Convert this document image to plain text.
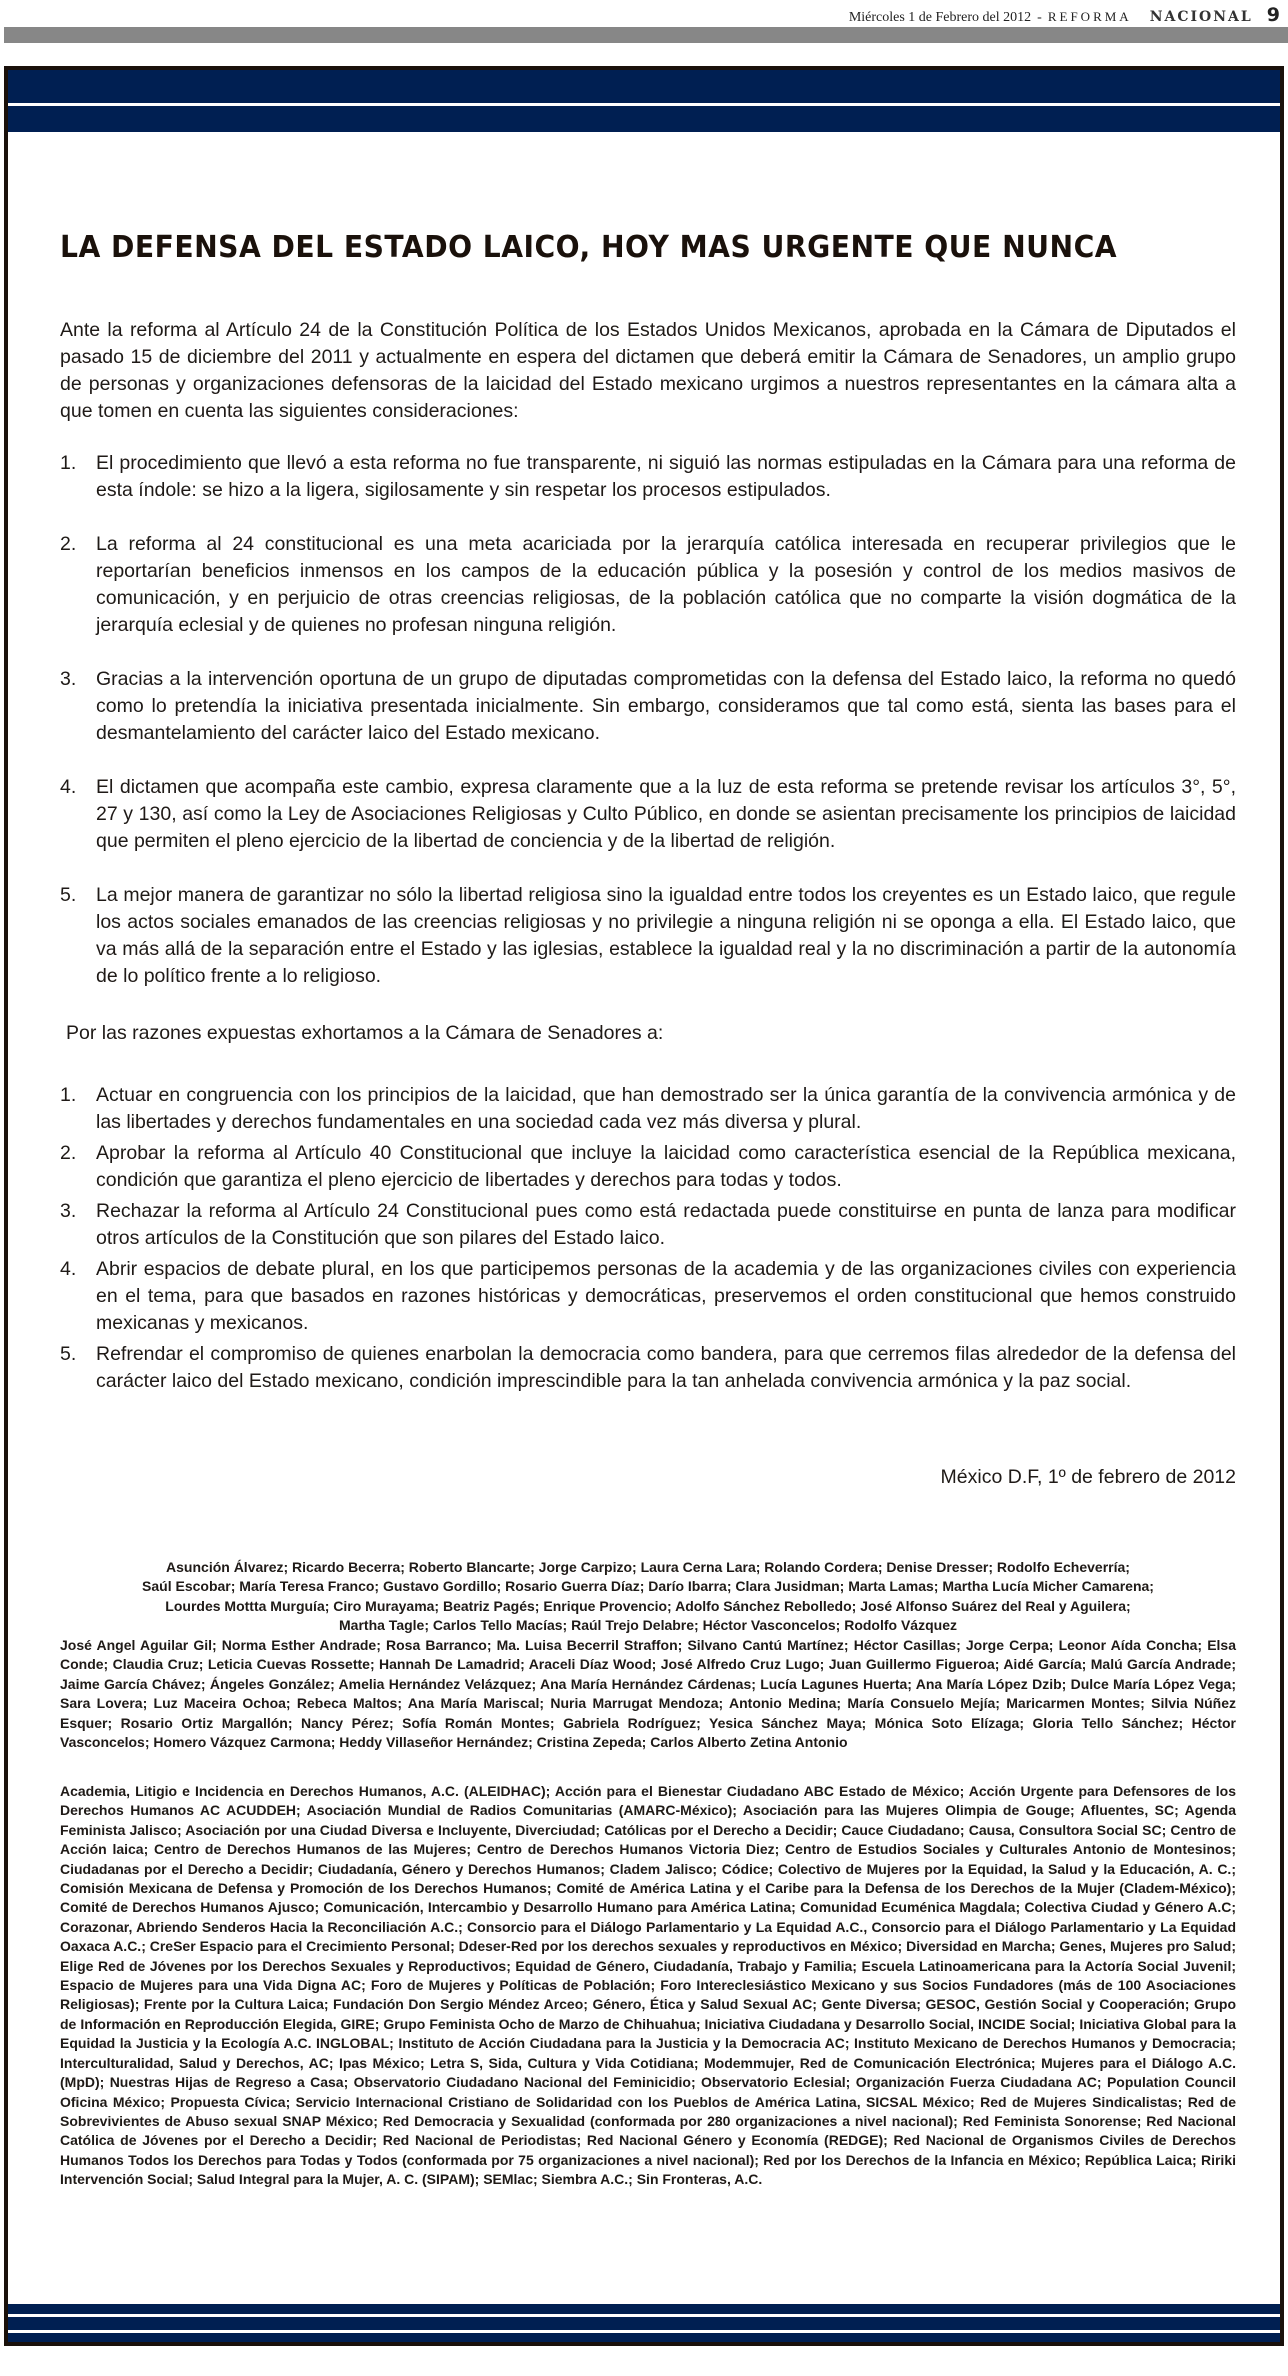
Miércoles 1 de Febrero del 2012 - REFORMA NACIONAL 9
LA DEFENSA DEL ESTADO LAICO, HOY MAS URGENTE QUE NUNCA

Ante la reforma al Artículo 24 de la Constitución Política de los Estados Unidos Mexicanos, aprobada en la Cámara de Diputados el pasado 15 de diciembre del 2011 y actualmente en espera del dictamen que deberá emitir la Cámara de Senadores, un amplio grupo de personas y organizaciones defensoras de la laicidad del Estado mexicano urgimos a nuestros representantes en la cámara alta a que tomen en cuenta las siguientes consideraciones:

1. El procedimiento que llevó a esta reforma no fue transparente, ni siguió las normas estipuladas en la Cámara para una reforma de esta índole: se hizo a la ligera, sigilosamente y sin respetar los procesos estipulados.
2. La reforma al 24 constitucional es una meta acariciada por la jerarquía católica interesada en recuperar privilegios que le reportarían beneficios inmensos en los campos de la educación pública y la posesión y control de los medios masivos de comunicación, y en perjuicio de otras creencias religiosas, de la población católica que no comparte la visión dogmática de la jerarquía eclesial y de quienes no profesan ninguna religión.
3. Gracias a la intervención oportuna de un grupo de diputadas comprometidas con la defensa del Estado laico, la reforma no quedó como lo pretendía la iniciativa presentada inicialmente. Sin embargo, consideramos que tal como está, sienta las bases para el desmantelamiento del carácter laico del Estado mexicano.
4. El dictamen que acompaña este cambio, expresa claramente que a la luz de esta reforma se pretende revisar los artículos 3°, 5°, 27 y 130, así como la Ley de Asociaciones Religiosas y Culto Público, en donde se asientan precisamente los principios de laicidad que permiten el pleno ejercicio de la libertad de conciencia y de la libertad de religión.
5. La mejor manera de garantizar no sólo la libertad religiosa sino la igualdad entre todos los creyentes es un Estado laico, que regule los actos sociales emanados de las creencias religiosas y no privilegie a ninguna religión ni se oponga a ella. El Estado laico, que va más allá de la separación entre el Estado y las iglesias, establece la igualdad real y la no discriminación a partir de la autonomía de lo político frente a lo religioso.

Por las razones expuestas exhortamos a la Cámara de Senadores a:

1. Actuar en congruencia con los principios de la laicidad, que han demostrado ser la única garantía de la convivencia armónica y de las libertades y derechos fundamentales en una sociedad cada vez más diversa y plural.
2. Aprobar la reforma al Artículo 40 Constitucional que incluye la laicidad como característica esencial de la República mexicana, condición que garantiza el pleno ejercicio de libertades y derechos para todas y todos.
3. Rechazar la reforma al Artículo 24 Constitucional pues como está redactada puede constituirse en punta de lanza para modificar otros artículos de la Constitución que son pilares del Estado laico.
4. Abrir espacios de debate plural, en los que participemos personas de la academia y de las organizaciones civiles con experiencia en el tema, para que basados en razones históricas y democráticas, preservemos el orden constitucional que hemos construido mexicanas y mexicanos.
5. Refrendar el compromiso de quienes enarbolan la democracia como bandera, para que cerremos filas alrededor de la defensa del carácter laico del Estado mexicano, condición imprescindible para la tan anhelada convivencia armónica y la paz social.

México D.F, 1º de febrero de 2012

Asunción Álvarez; Ricardo Becerra; Roberto Blancarte; Jorge Carpizo; Laura Cerna Lara; Rolando Cordera; Denise Dresser; Rodolfo Echeverría;
Saúl Escobar; María Teresa Franco; Gustavo Gordillo; Rosario Guerra Díaz; Darío Ibarra; Clara Jusidman; Marta Lamas; Martha Lucía Micher Camarena;
Lourdes Mottta Murguía; Ciro Murayama; Beatriz Pagés; Enrique Provencio; Adolfo Sánchez Rebolledo; José Alfonso Suárez del Real y Aguilera;
Martha Tagle; Carlos Tello Macías; Raúl Trejo Delabre; Héctor Vasconcelos; Rodolfo Vázquez

José Angel Aguilar Gil; Norma Esther Andrade; Rosa Barranco; Ma. Luisa Becerril Straffon; Silvano Cantú Martínez; Héctor Casillas; Jorge Cerpa; Leonor Aída Concha; Elsa Conde; Claudia Cruz; Leticia Cuevas Rossette; Hannah De Lamadrid; Araceli Díaz Wood; José Alfredo Cruz Lugo; Juan Guillermo Figueroa; Aidé García; Malú García Andrade; Jaime García Chávez; Ángeles González; Amelia Hernández Velázquez; Ana María Hernández Cárdenas; Lucía Lagunes Huerta; Ana María López Dzib; Dulce María López Vega; Sara Lovera; Luz Maceira Ochoa; Rebeca Maltos; Ana María Mariscal; Nuria Marrugat Mendoza; Antonio Medina; María Consuelo Mejía; Maricarmen Montes; Silvia Núñez Esquer; Rosario Ortiz Margallón; Nancy Pérez; Sofía Román Montes; Gabriela Rodríguez; Yesica Sánchez Maya; Mónica Soto Elízaga; Gloria Tello Sánchez; Héctor Vasconcelos; Homero Vázquez Carmona; Heddy Villaseñor Hernández; Cristina Zepeda; Carlos Alberto Zetina Antonio

Academia, Litigio e Incidencia en Derechos Humanos, A.C. (ALEIDHAC); Acción para el Bienestar Ciudadano ABC Estado de México; Acción Urgente para Defensores de los Derechos Humanos AC ACUDDEH; Asociación Mundial de Radios Comunitarias (AMARC-México); Asociación para las Mujeres Olimpia de Gouge; Afluentes, SC; Agenda Feminista Jalisco; Asociación por una Ciudad Diversa e Incluyente, Diverciudad; Católicas por el Derecho a Decidir; Cauce Ciudadano; Causa, Consultora Social SC; Centro de Acción laica; Centro de Derechos Humanos de las Mujeres; Centro de Derechos Humanos Victoria Diez; Centro de Estudios Sociales y Culturales Antonio de Montesinos; Ciudadanas por el Derecho a Decidir; Ciudadanía, Género y Derechos Humanos; Cladem Jalisco; Códice; Colectivo de Mujeres por la Equidad, la Salud y la Educación, A. C.; Comisión Mexicana de Defensa y Promoción de los Derechos Humanos; Comité de América Latina y el Caribe para la Defensa de los Derechos de la Mujer (Cladem-México); Comité de Derechos Humanos Ajusco; Comunicación, Intercambio y Desarrollo Humano para América Latina; Comunidad Ecuménica Magdala; Colectiva Ciudad y Género A.C; Corazonar, Abriendo Senderos Hacia la Reconciliación A.C.; Consorcio para el Diálogo Parlamentario y La Equidad A.C., Consorcio para el Diálogo Parlamentario y La Equidad Oaxaca A.C.; CreSer Espacio para el Crecimiento Personal; Ddeser-Red por los derechos sexuales y reproductivos en México; Diversidad en Marcha; Genes, Mujeres pro Salud; Elige Red de Jóvenes por los Derechos Sexuales y Reproductivos; Equidad de Género, Ciudadanía, Trabajo y Familia; Escuela Latinoamericana para la Actoría Social Juvenil; Espacio de Mujeres para una Vida Digna AC; Foro de Mujeres y Políticas de Población; Foro Intereclesiástico Mexicano y sus Socios Fundadores (más de 100 Asociaciones Religiosas); Frente por la Cultura Laica; Fundación Don Sergio Méndez Arceo; Género, Ética y Salud Sexual AC; Gente Diversa; GESOC, Gestión Social y Cooperación; Grupo de Información en Reproducción Elegida, GIRE; Grupo Feminista Ocho de Marzo de Chihuahua; Iniciativa Ciudadana y Desarrollo Social, INCIDE Social; Iniciativa Global para la Equidad la Justicia y la Ecología A.C. INGLOBAL; Instituto de Acción Ciudadana para la Justicia y la Democracia AC; Instituto Mexicano de Derechos Humanos y Democracia; Interculturalidad, Salud y Derechos, AC; Ipas México; Letra S, Sida, Cultura y Vida Cotidiana; Modemmujer, Red de Comunicación Electrónica; Mujeres para el Diálogo A.C. (MpD); Nuestras Hijas de Regreso a Casa; Observatorio Ciudadano Nacional del Feminicidio; Observatorio Eclesial; Organización Fuerza Ciudadana AC; Population Council Oficina México; Propuesta Cívica; Servicio Internacional Cristiano de Solidaridad con los Pueblos de América Latina, SICSAL México; Red de Mujeres Sindicalistas; Red de Sobrevivientes de Abuso sexual SNAP México; Red Democracia y Sexualidad (conformada por 280 organizaciones a nivel nacional); Red Feminista Sonorense; Red Nacional Católica de Jóvenes por el Derecho a Decidir; Red Nacional de Periodistas; Red Nacional Género y Economía (REDGE); Red Nacional de Organismos Civiles de Derechos Humanos Todos los Derechos para Todas y Todos (conformada por 75 organizaciones a nivel nacional); Red por los Derechos de la Infancia en México; República Laica; Ririki Intervención Social; Salud Integral para la Mujer, A. C. (SIPAM); SEMlac; Siembra A.C.; Sin Fronteras, A.C.
